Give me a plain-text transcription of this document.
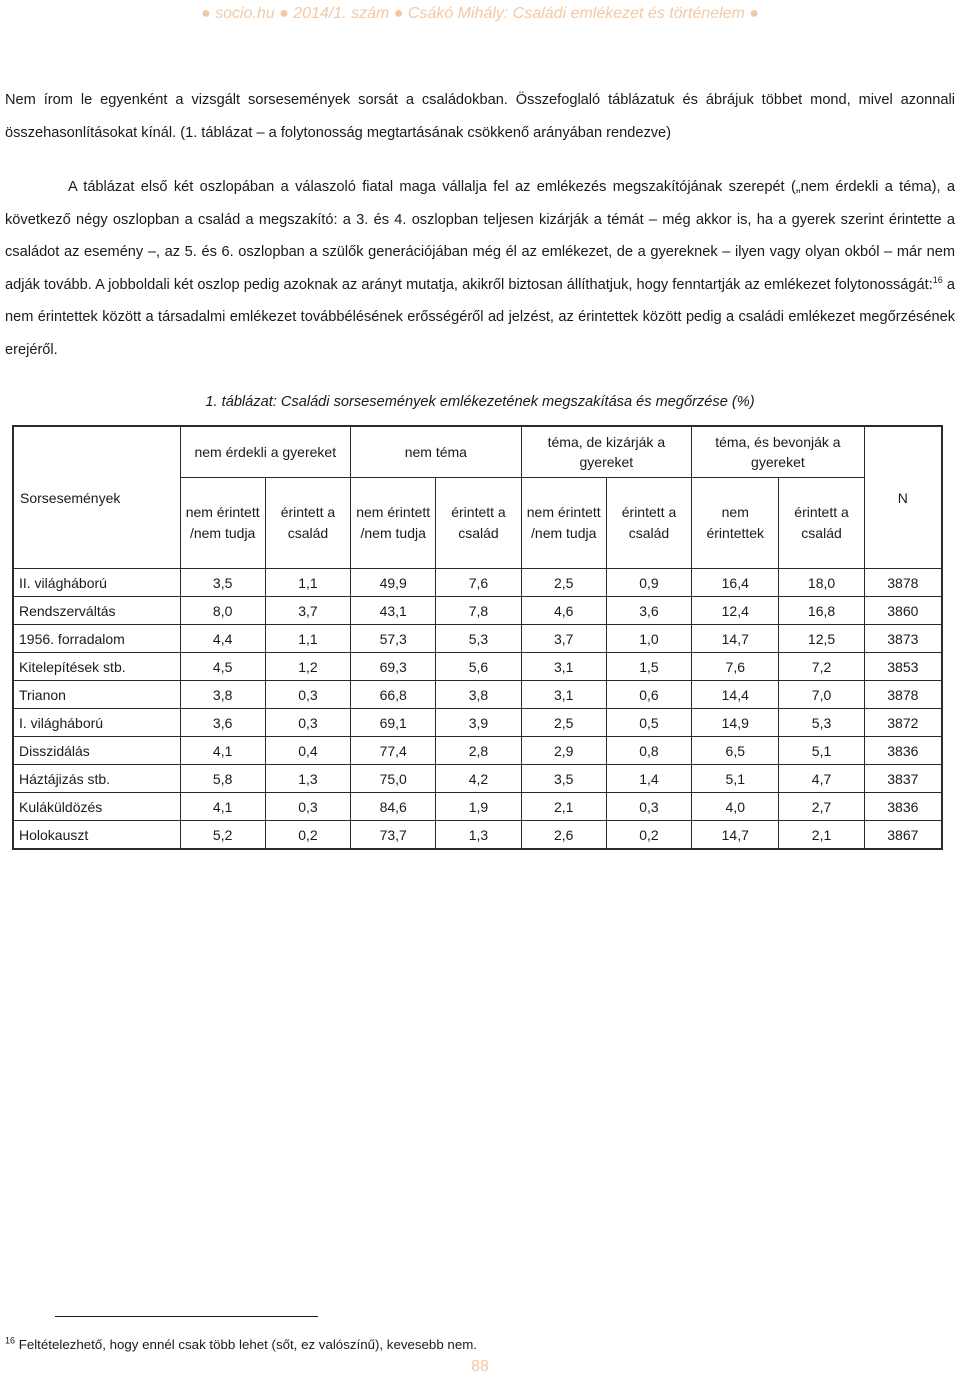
● socio.hu ● 2014/1. szám ● Csákó Mihály: Családi emlékezet és történelem ●

Nem írom le egyenként a vizsgált sorsesemények sorsát a családokban. Összefoglaló táblázatuk és ábrájuk többet mond, mivel azonnali összehasonlításokat kínál. (1. táblázat – a folytonosság megtartásának csökkenő arányában rendezve)

A táblázat első két oszlopában a válaszoló fiatal maga vállalja fel az emlékezés megszakítójának szerepét („nem érdekli a téma), a következő négy oszlopban a család a megszakító: a 3. és 4. oszlopban teljesen kizárják a témát – még akkor is, ha a gyerek szerint érintette a családot az esemény –, az 5. és 6. oszlopban a szülők generációjában még él az emlékezet, de a gyereknek – ilyen vagy olyan okból – már nem adják tovább. A jobboldali két oszlop pedig azoknak az arányt mutatja, akikről biztosan állíthatjuk, hogy fenntartják az emlékezet folytonosságát:$^{16}$ a nem érintettek között a társadalmi emlékezet továbbélésének erősségéről ad jelzést, az érintettek között pedig a családi emlékezet megőrzésének erejéről.

1. táblázat: Családi sorsesemények emlékezetének megszakítása és megőrzése (%)
Sorsesemények	nem érdekli a gyereket		nem téma		téma, de kizárják a gyereket		téma, és bevonják a gyereket		N
	nem érintett /nem tudja	érintett a család	nem érintett /nem tudja	érintett a család	nem érintett /nem tudja	érintett a család	nem érintettek	érintett a család	
II. világháború	3,5	1,1	49,9	7,6	2,5	0,9	16,4	18,0	3878
Rendszerváltás	8,0	3,7	43,1	7,8	4,6	3,6	12,4	16,8	3860
1956. forradalom	4,4	1,1	57,3	5,3	3,7	1,0	14,7	12,5	3873
Kitelepítések stb.	4,5	1,2	69,3	5,6	3,1	1,5	7,6	7,2	3853
Trianon	3,8	0,3	66,8	3,8	3,1	0,6	14,4	7,0	3878
I. világháború	3,6	0,3	69,1	3,9	2,5	0,5	14,9	5,3	3872
Disszidálás	4,1	0,4	77,4	2,8	2,9	0,8	6,5	5,1	3836
Háztájizás stb.	5,8	1,3	75,0	4,2	3,5	1,4	5,1	4,7	3837
Kuláküldözés	4,1	0,3	84,6	1,9	2,1	0,3	4,0	2,7	3836
Holokauszt	5,2	0,2	73,7	1,3	2,6	0,2	14,7	2,1	3867
$^{16}$ Feltételezhető, hogy ennél csak több lehet (sőt, ez valószínű), kevesebb nem.
88
